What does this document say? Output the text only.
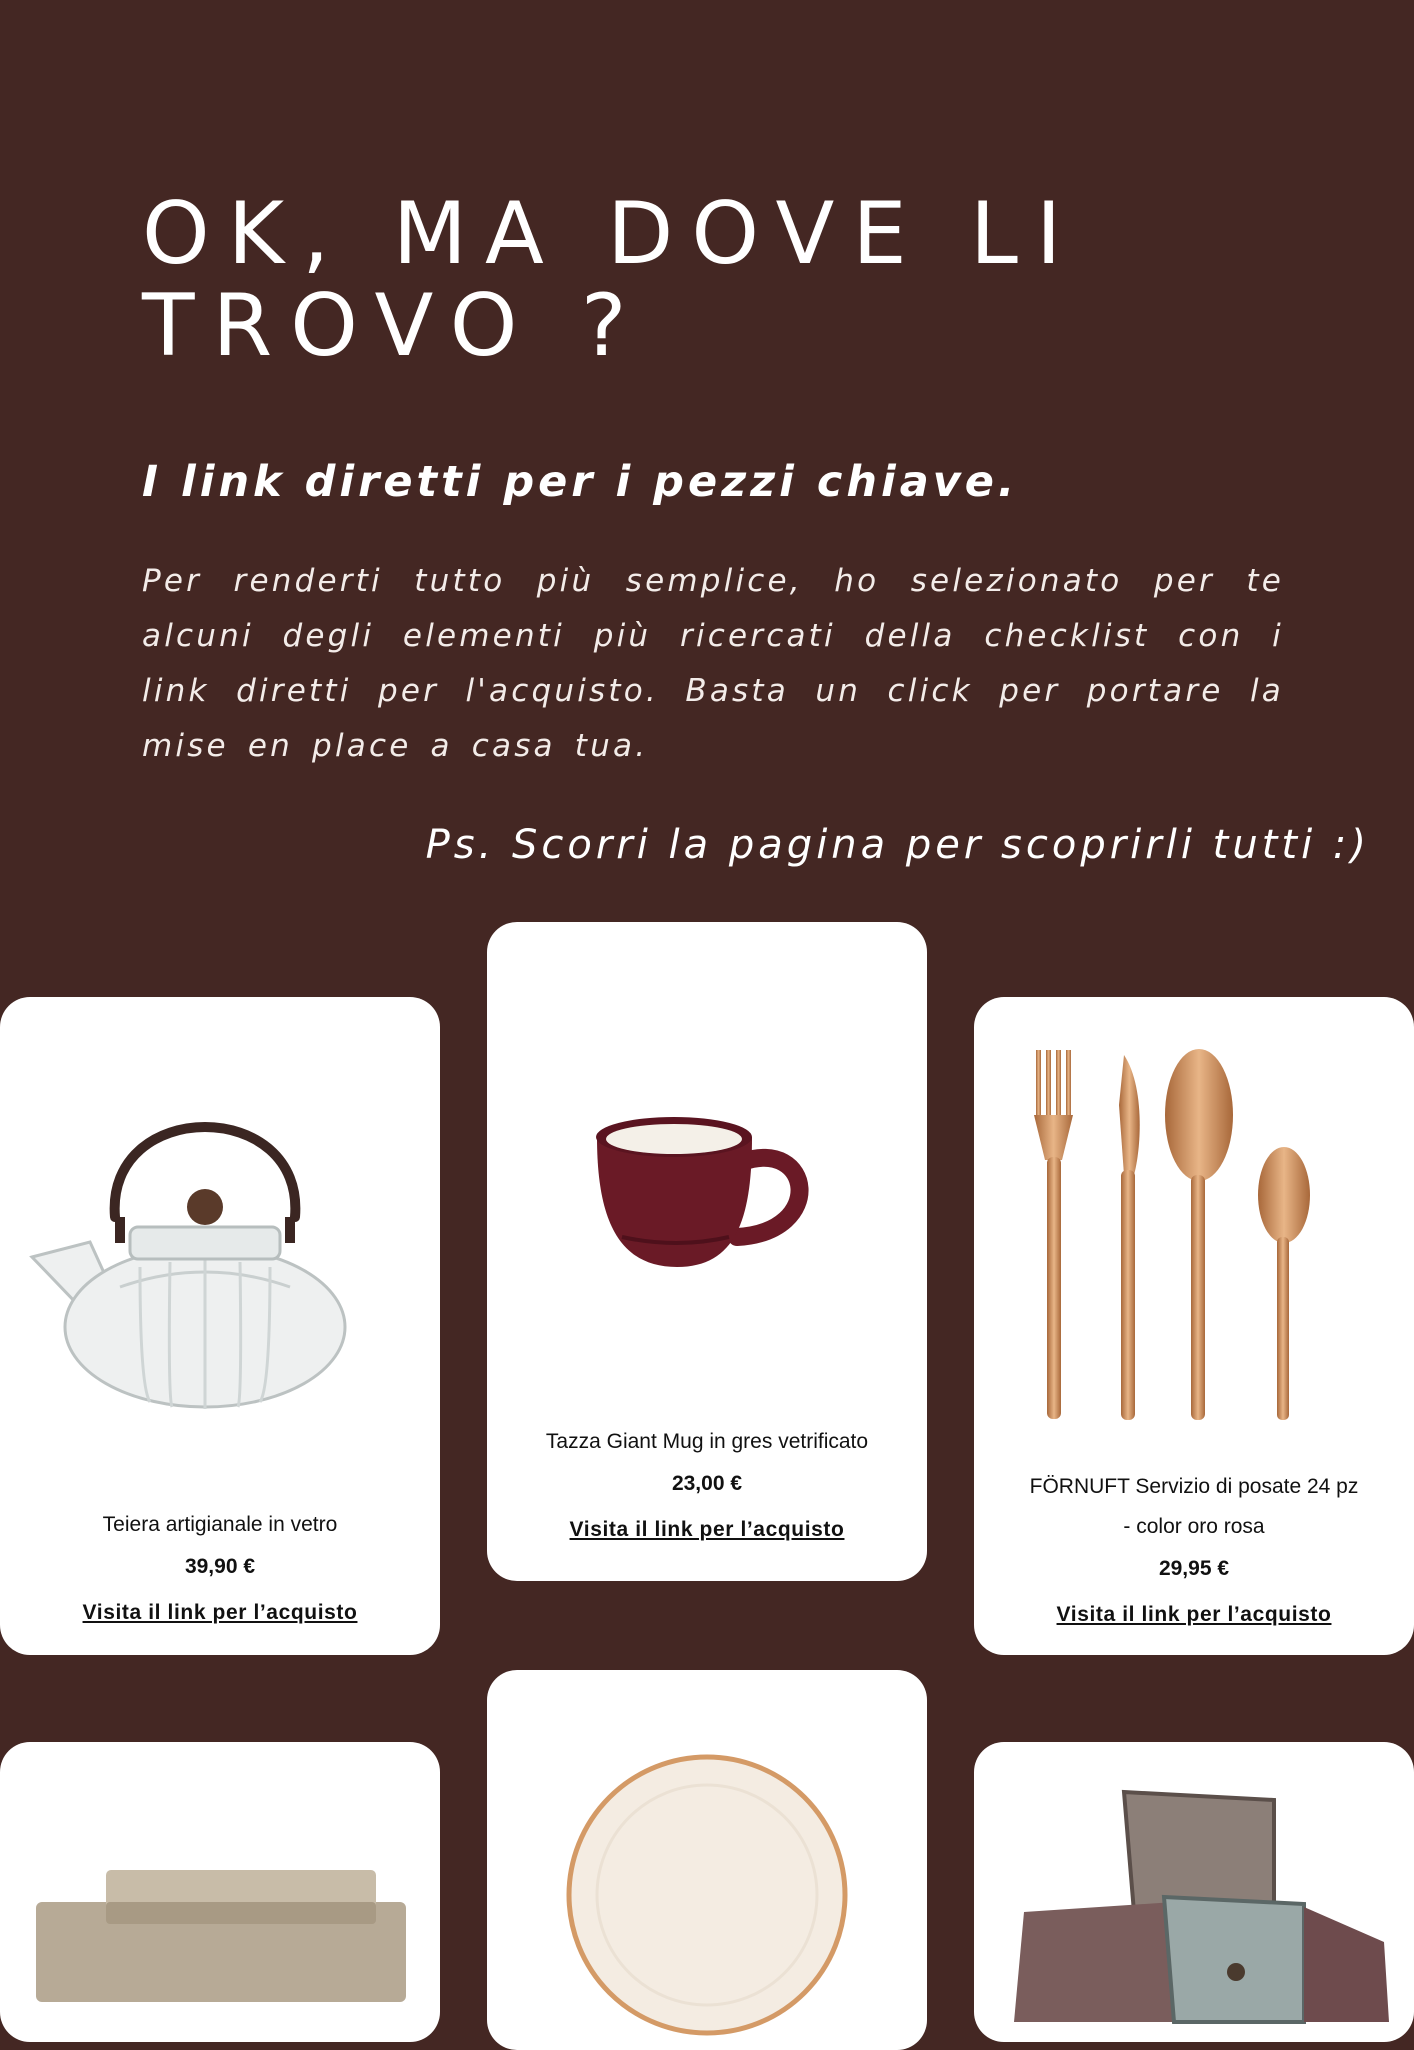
OK, MA DOVE LI TROVO ?
I link diretti per i pezzi chiave.

Per renderti tutto più semplice, ho selezionato per te alcuni degli elementi più ricercati della checklist con i link diretti per l'acquisto. Basta un click per portare la mise en place a casa tua.

Ps. Scorri la pagina per scoprirli tutti :)

Teiera artigianale in vetro
39,90 €
Visita il link per l’acquisto
Tazza Giant Mug in gres vetrificato
23,00 €
Visita il link per l’acquisto
FÖRNUFT Servizio di posate 24 pz
- color oro rosa
29,95 €
Visita il link per l’acquisto
